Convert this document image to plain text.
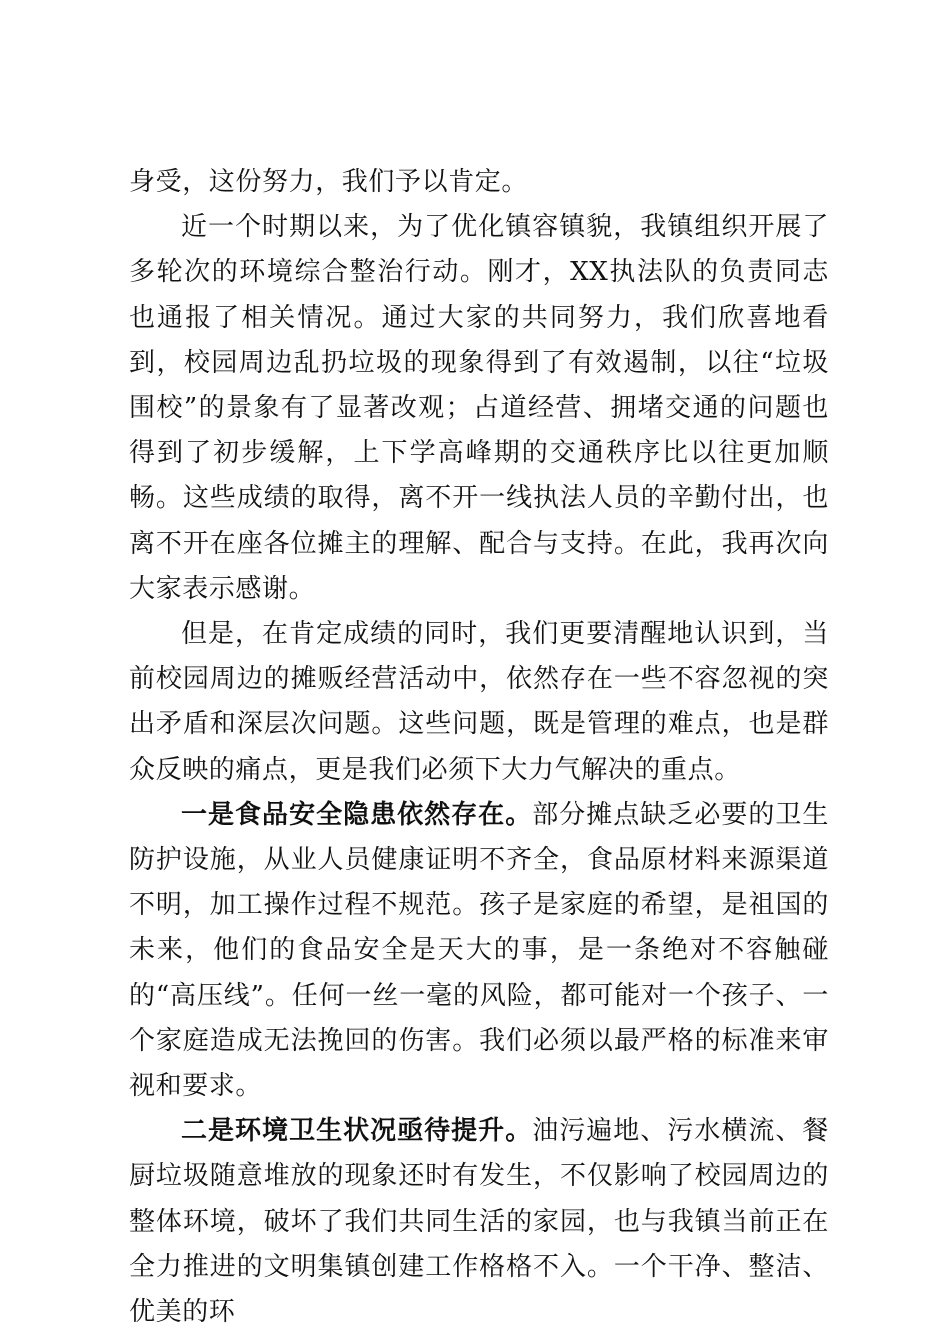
身受，这份努力，我们予以肯定。

近一个时期以来，为了优化镇容镇貌，我镇组织开展了多轮次的环境综合整治行动。刚才，XX执法队的负责同志也通报了相关情况。通过大家的共同努力，我们欣喜地看到，校园周边乱扔垃圾的现象得到了有效遏制，以往“垃圾围校”的景象有了显著改观；占道经营、拥堵交通的问题也得到了初步缓解，上下学高峰期的交通秩序比以往更加顺畅。这些成绩的取得，离不开一线执法人员的辛勤付出，也离不开在座各位摊主的理解、配合与支持。在此，我再次向大家表示感谢。

但是，在肯定成绩的同时，我们更要清醒地认识到，当前校园周边的摊贩经营活动中，依然存在一些不容忽视的突出矛盾和深层次问题。这些问题，既是管理的难点，也是群众反映的痛点，更是我们必须下大力气解决的重点。

一是食品安全隐患依然存在。部分摊点缺乏必要的卫生防护设施，从业人员健康证明不齐全，食品原材料来源渠道不明，加工操作过程不规范。孩子是家庭的希望，是祖国的未来，他们的食品安全是天大的事，是一条绝对不容触碰的“高压线”。任何一丝一毫的风险，都可能对一个孩子、一个家庭造成无法挽回的伤害。我们必须以最严格的标准来审视和要求。

二是环境卫生状况亟待提升。油污遍地、污水横流、餐厨垃圾随意堆放的现象还时有发生，不仅影响了校园周边的整体环境，破坏了我们共同生活的家园，也与我镇当前正在全力推进的文明集镇创建工作格格不入。一个干净、整洁、优美的环
